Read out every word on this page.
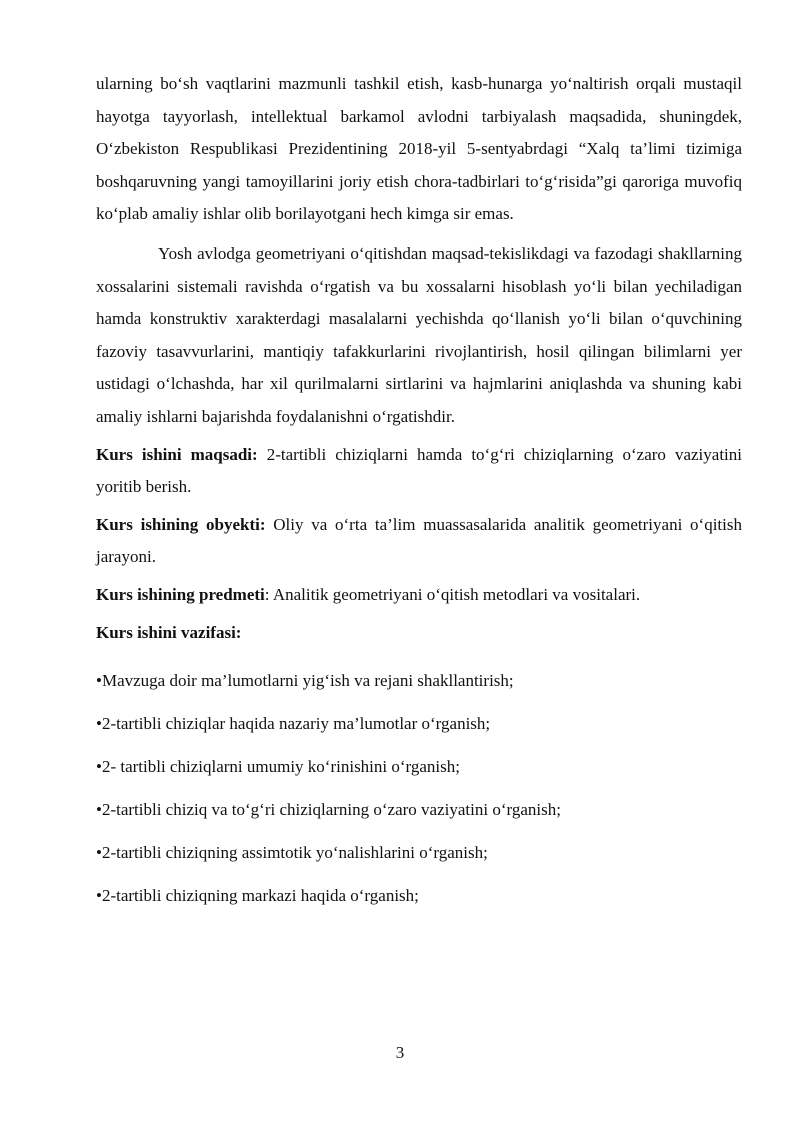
ularning bo‘sh vaqtlarini mazmunli tashkil etish, kasb-hunarga yo‘naltirish orqali mustaqil hayotga tayyorlash, intellektual barkamol avlodni tarbiyalash maqsadida, shuningdek, O‘zbekiston Respublikasi Prezidentining 2018-yil 5-sentyabrdagi “Xalq ta’limi tizimiga boshqaruvning yangi tamoyillarini joriy etish chora-tadbirlari to‘g‘risida”gi qaroriga muvofiq ko‘plab amaliy ishlar olib borilayotgani hech kimga sir emas.

Yosh avlodga geometriyani o‘qitishdan maqsad-tekislikdagi va fazodagi shakllarning xossalarini sistemali ravishda o‘rgatish va bu xossalarni hisoblash yo‘li bilan yechiladigan hamda konstruktiv xarakterdagi masalalarni yechishda qo‘llanish yo‘li bilan o‘quvchining fazoviy tasavvurlarini, mantiqiy tafakkurlarini rivojlantirish, hosil qilingan bilimlarni yer ustidagi o‘lchashda, har xil qurilmalarni sirtlarini va hajmlarini aniqlashda va shuning kabi amaliy ishlarni bajarishda foydalanishni o‘rgatishdir.

Kurs ishini maqsadi: 2-tartibli chiziqlarni hamda to‘g‘ri chiziqlarning o‘zaro vaziyatini yoritib berish.

Kurs ishining obyekti: Oliy va o‘rta ta’lim muassasalarida analitik geometriyani o‘qitish jarayoni.

Kurs ishining predmeti: Analitik geometriyani o‘qitish metodlari va vositalari.

Kurs ishini vazifasi:

•Mavzuga doir ma’lumotlarni yig‘ish va rejani shakllantirish;

•2-tartibli chiziqlar haqida nazariy ma’lumotlar o‘rganish;

•2- tartibli chiziqlarni umumiy ko‘rinishini o‘rganish;

•2-tartibli chiziq va to‘g‘ri chiziqlarning o‘zaro vaziyatini o‘rganish;

•2-tartibli chiziqning assimtotik yo‘nalishlarini o‘rganish;

•2-tartibli chiziqning markazi haqida o‘rganish;

3
